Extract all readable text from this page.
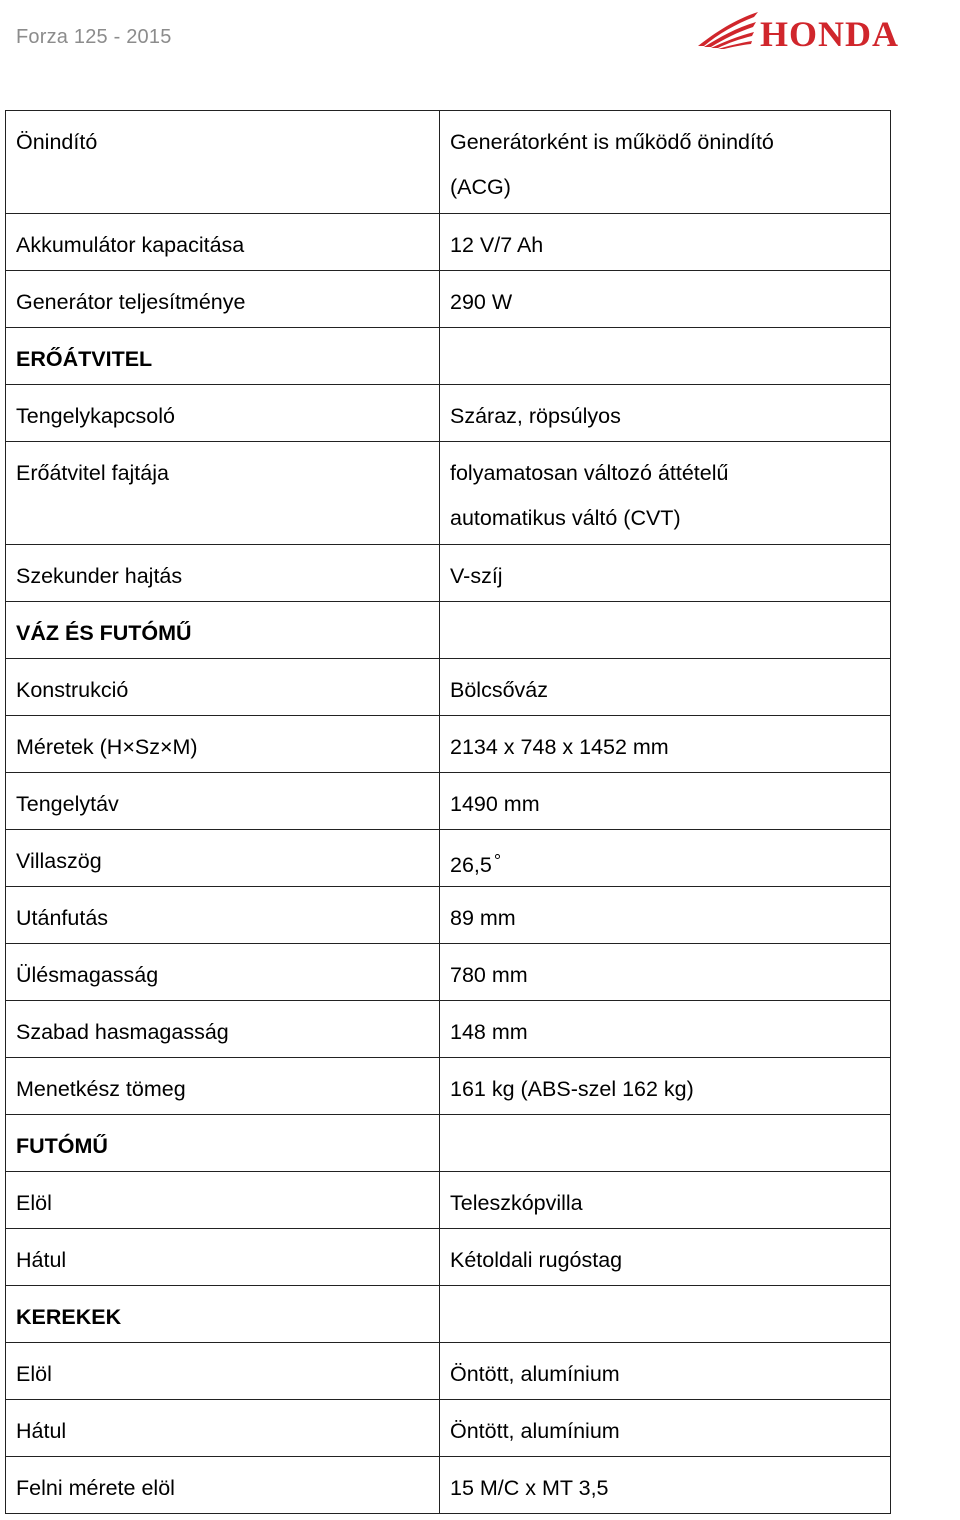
Forza 125 - 2015	HONDA
Önindító	Generátorként is működő önindító
(ACG)

Akkumulátor kapacitása	12 V/7 Ah

Generátor teljesítménye	290 W

ERŐÁTVITEL	

Tengelykapcsoló	Száraz, röpsúlyos

Erőátvitel fajtája	folyamatosan változó áttételű
automatikus váltó (CVT)

Szekunder hajtás	V-szíj

VÁZ ÉS FUTÓMŰ	

Konstrukció	Bölcsőváz

Méretek (H×Sz×M)	2134 x 748 x 1452 mm

Tengelytáv	1490 mm

Villaszög	26,5 °

Utánfutás	89 mm

Ülésmagasság	780 mm

Szabad hasmagasság	148 mm

Menetkész tömeg	161 kg (ABS-szel 162 kg)

FUTÓMŰ	

Elöl	Teleszkópvilla

Hátul	Kétoldali rugóstag

KEREKEK	

Elöl	Öntött, alumínium

Hátul	Öntött, alumínium

Felni mérete elöl	15 M/C x MT 3,5
